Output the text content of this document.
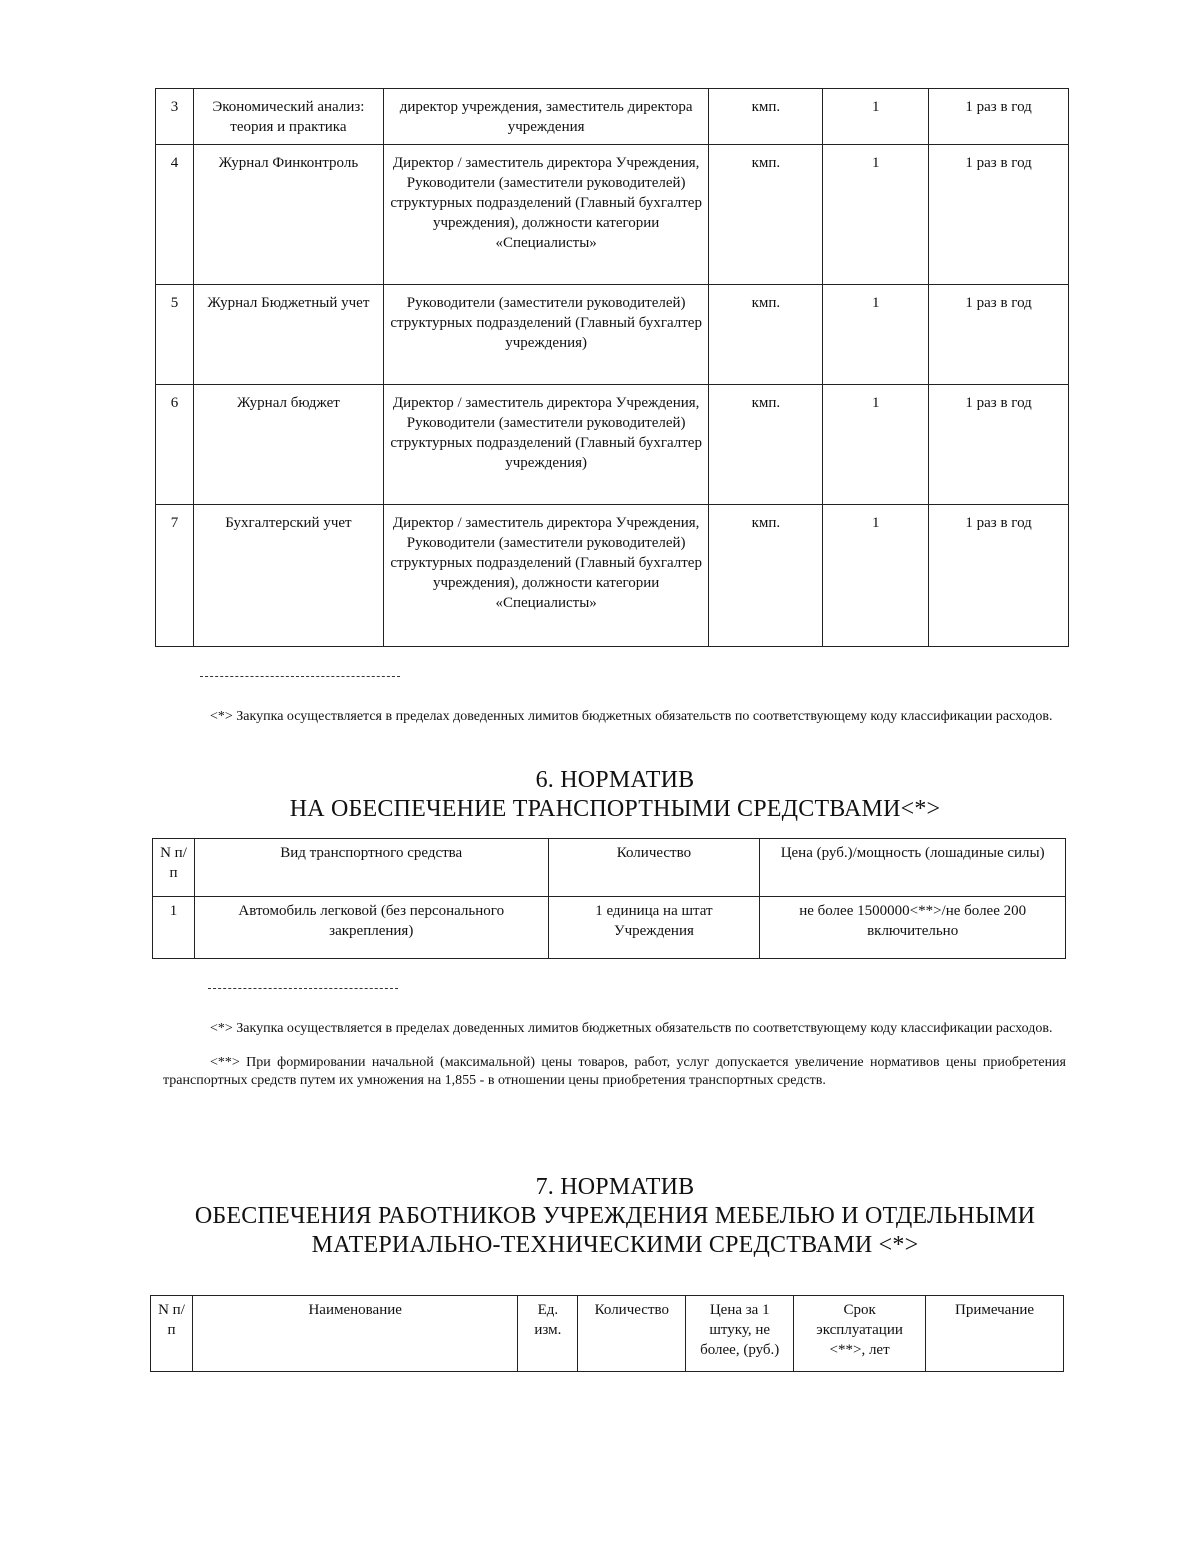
3	Экономический анализ: теория и практика	директор учреждения, заместитель директора учреждения	кмп.	1	1 раз в год
4	Журнал Финконтроль	Директор / заместитель директора Учреждения, Руководители (заместители руководителей) структурных подразделений (Главный бухгалтер учреждения), должности категории «Специалисты»	кмп.	1	1 раз в год
5	Журнал Бюджетный учет	Руководители (заместители руководителей) структурных подразделений (Главный бухгалтер учреждения)	кмп.	1	1 раз в год
6	Журнал бюджет	Директор / заместитель директора Учреждения, Руководители (заместители руководителей) структурных подразделений (Главный бухгалтер учреждения)	кмп.	1	1 раз в год
7	Бухгалтерский учет	Директор / заместитель директора Учреждения, Руководители (заместители руководителей) структурных подразделений (Главный бухгалтер учреждения), должности категории «Специалисты»	кмп.	1	1 раз в год

<*> Закупка осуществляется в пределах доведенных лимитов бюджетных обязательств по соответствующему коду классификации расходов.

6. НОРМАТИВ
НА ОБЕСПЕЧЕНИЕ ТРАНСПОРТНЫМИ СРЕДСТВАМИ<*>
N п/п	Вид транспортного средства	Количество	Цена (руб.)/мощность (лошадиные силы)
1	Автомобиль легковой (без персонального закрепления)	1 единица на штат Учреждения	не более 1500000<**>/не более 200 включительно

<*> Закупка осуществляется в пределах доведенных лимитов бюджетных обязательств по соответствующему коду классификации расходов.

<**> При формировании начальной (максимальной) цены товаров, работ, услуг допускается увеличение нормативов цены приобретения транспортных средств путем их умножения на 1,855 - в отношении цены приобретения транспортных средств.

7. НОРМАТИВ
ОБЕСПЕЧЕНИЯ РАБОТНИКОВ УЧРЕЖДЕНИЯ МЕБЕЛЬЮ И ОТДЕЛЬНЫМИ
МАТЕРИАЛЬНО-ТЕХНИЧЕСКИМИ СРЕДСТВАМИ <*>
N п/п	Наименование	Ед. изм.	Количество	Цена за 1 штуку, не более, (руб.)	Срок эксплуатации <**>, лет	Примечание
